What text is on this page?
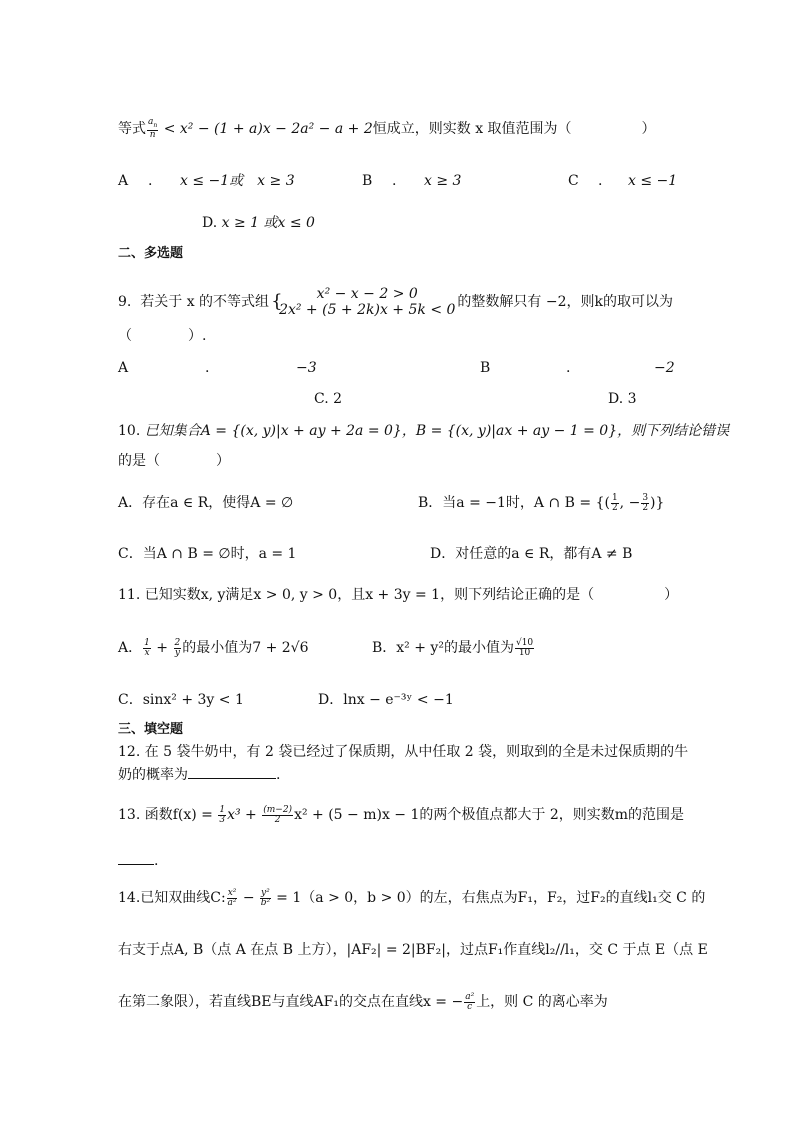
等式 $\frac{a_n}{n} < x^2 - (1 + a)x - 2a^2 - a + 2$恒成立，则实数 x 取值范围为（　　　　　）
A . x ≤ −1或　x ≥ 3	B . x ≥ 3	C . x ≤ −1
D. x ≥ 1 或x ≤ 0
二、多选题
9. 若关于 x 的不等式组 {	x² − x − 2 > 0
2x² + (5 + 2k)x + 5k < 0 的整数解只有 −2，则k的取可以为
（　　　　）.
A	.	−3	B	.	−2
C. 2	D. 3
10. 已知集合A = {(x, y)|x + ay + 2a = 0}，B = {(x, y)|ax + ay − 1 = 0}，则下列结论错误
的是（　　　　）
A．存在a ∈ R，使得A = ∅	B．当a = −1时，A ∩ B = {( $\frac{1}{2}$ , − $\frac{3}{2}$ )}
C．当A ∩ B = ∅时，a = 1	D．对任意的a ∈ R，都有A ≠ B
11. 已知实数x, y满足x > 0, y > 0，且x + 3y = 1，则下列结论正确的是（　　　　　）
A． $\frac{1}{x} + \frac{2}{y}$ 的最小值为7 + 2√6	B．x² + y²的最小值为 $\frac{√10}{10}$
C．sinx² + 3y < 1	D．lnx − e⁻³ʸ < −1
三、填空题
12. 在 5 袋牛奶中，有 2 袋已经过了保质期，从中任取 2 袋，则取到的全是未过保质期的牛
奶的概率为	.
13. 函数$f(x) = \frac{1}{3} x^3 + \frac{(m-2)}{2} x^2 + (5 - m)x - 1$的两个极值点都大于 2，则实数m的范围是
.
14.已知双曲线C: $\frac{\text{x²}}{\text{a²}} - \frac{\text{y²}}{\text{b²}} = 1(a > 0$，b > 0）的左，右焦点为F₁，F₂，过F₂的直线l₁交 C 的
右支于点A, B（点 A 在点 B 上方），|AF₂| = 2|BF₂|，过点F₁作直线l₂//l₁，交 C 于点 E（点 E
在第二象限），若直线BE与直线AF₁的交点在直线x = − $\frac{\text{a²}}{c}$ 上，则 C 的离心率为
